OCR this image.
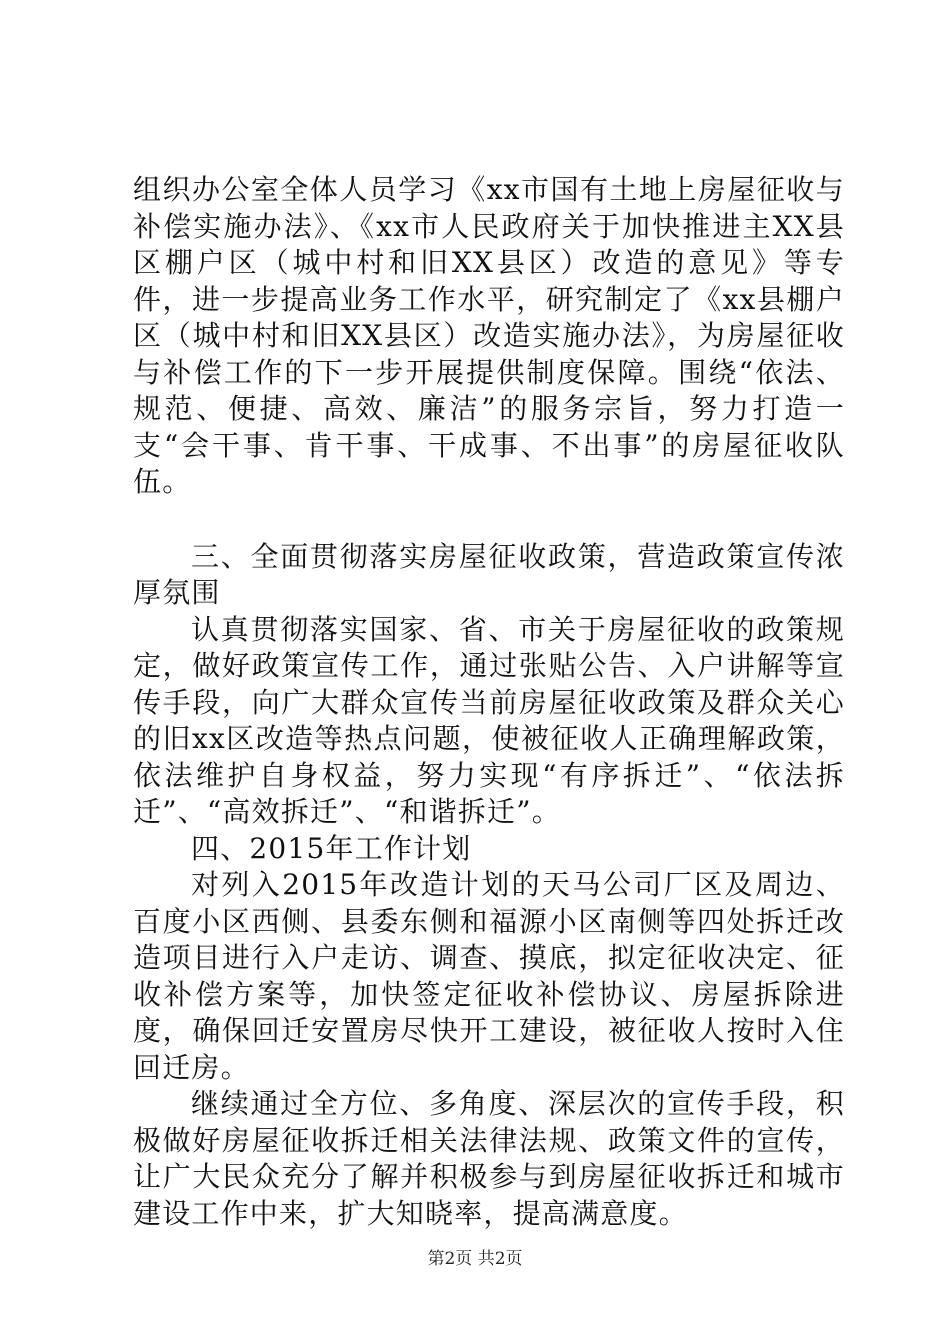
组织办公室全体人员学习《xx市国有土地上房屋征收与补偿实施办法》、《xx市人民政府关于加快推进主XX县区棚户区（城中村和旧XX县区）改造的意见》等专件，进一步提高业务工作水平，研究制定了《xx县棚户区（城中村和旧XX县区）改造实施办法》，为房屋征收与补偿工作的下一步开展提供制度保障。围绕“依法、规范、便捷、高效、廉洁”的服务宗旨，努力打造一支“会干事、肯干事、干成事、不出事”的房屋征收队伍。

三、全面贯彻落实房屋征收政策，营造政策宣传浓厚氛围

认真贯彻落实国家、省、市关于房屋征收的政策规定，做好政策宣传工作，通过张贴公告、入户讲解等宣传手段，向广大群众宣传当前房屋征收政策及群众关心的旧xx区改造等热点问题，使被征收人正确理解政策，依法维护自身权益，努力实现“有序拆迁”、“依法拆迁”、“高效拆迁”、“和谐拆迁”。

四、2015年工作计划

对列入2015年改造计划的天马公司厂区及周边、百度小区西侧、县委东侧和福源小区南侧等四处拆迁改造项目进行入户走访、调查、摸底，拟定征收决定、征收补偿方案等，加快签定征收补偿协议、房屋拆除进度，确保回迁安置房尽快开工建设，被征收人按时入住回迁房。

继续通过全方位、多角度、深层次的宣传手段，积极做好房屋征收拆迁相关法律法规、政策文件的宣传，让广大民众充分了解并积极参与到房屋征收拆迁和城市建设工作中来，扩大知晓率，提高满意度。

第2页 共2页
